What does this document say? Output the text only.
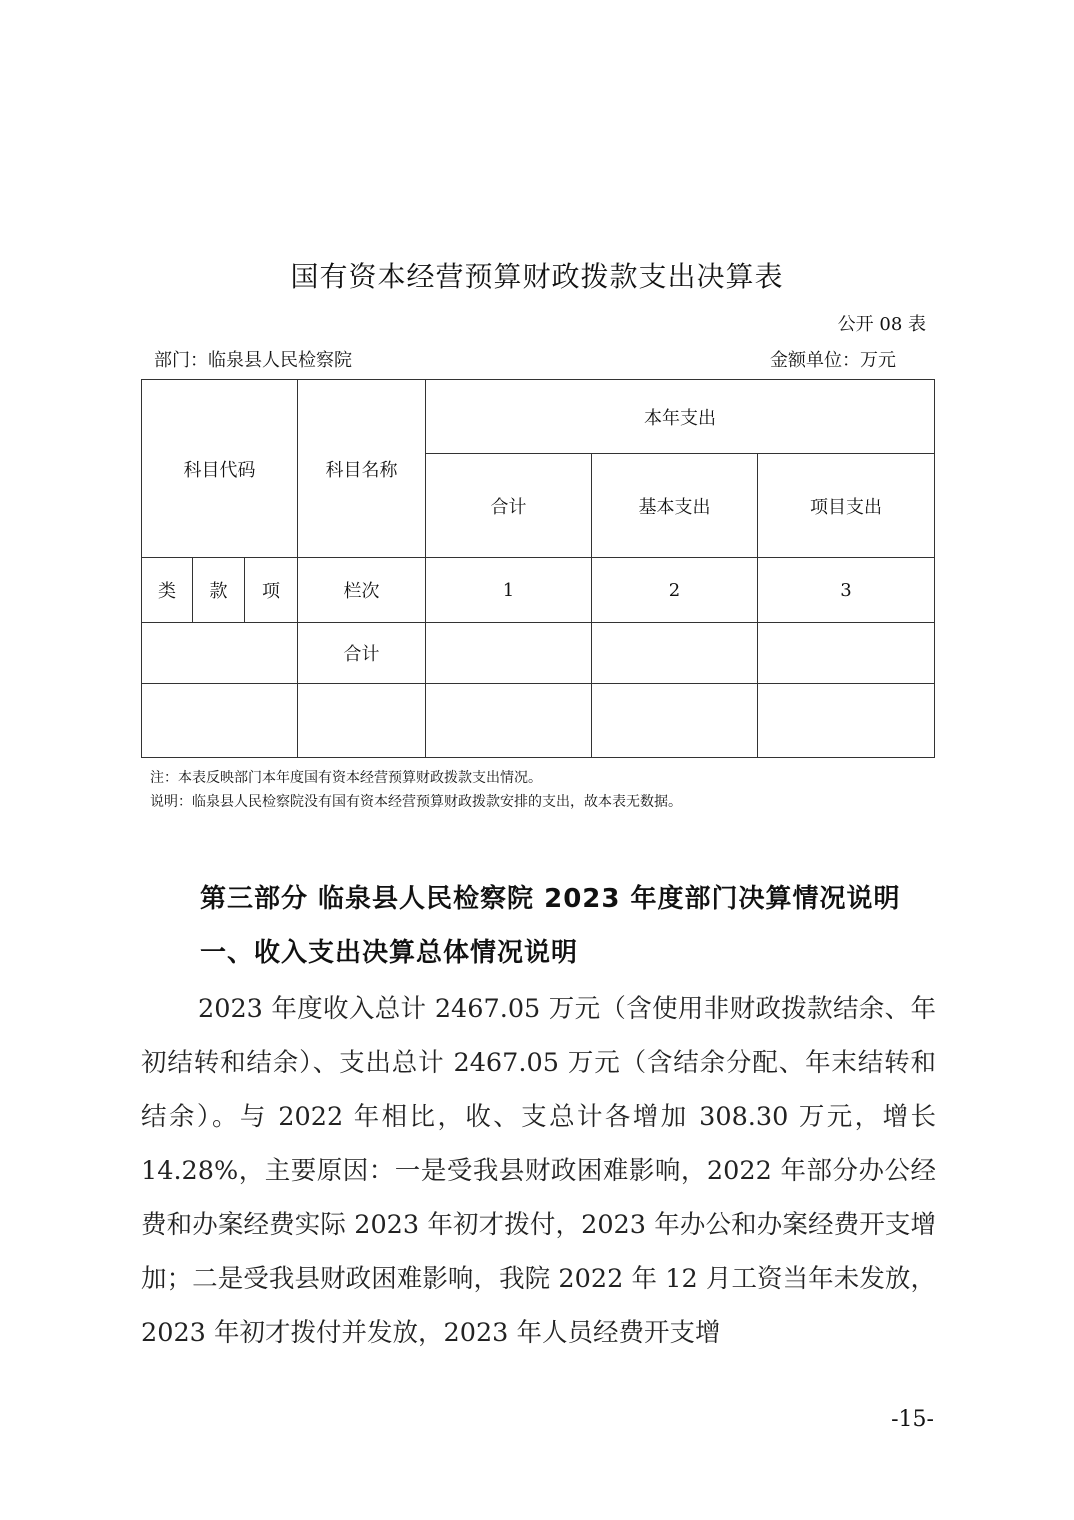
国有资本经营预算财政拨款支出决算表
公开 08 表
部门：临泉县人民检察院	金额单位：万元
科目代码			科目名称	本年支出		
				合计	基本支出	项目支出
类	款	项	栏次	1	2	3
			合计			

注：本表反映部门本年度国有资本经营预算财政拨款支出情况。
说明：临泉县人民检察院没有国有资本经营预算财政拨款安排的支出，故本表无数据。
第三部分 临泉县人民检察院 2023 年度部门决算情况说明
一、收入支出决算总体情况说明
2023 年度收入总计 2467.05 万元（含使用非财政拨款结余、年初结转和结余）、支出总计 2467.05 万元（含结余分配、年末结转和结余）。与 2022 年相比，收、支总计各增加 308.30 万元，增长 14.28%，主要原因：一是受我县财政困难影响，2022 年部分办公经费和办案经费实际 2023 年初才拨付，2023 年办公和办案经费开支增加；二是受我县财政困难影响，我院 2022 年 12 月工资当年未发放，2023 年初才拨付并发放，2023 年人员经费开支增
-15-
